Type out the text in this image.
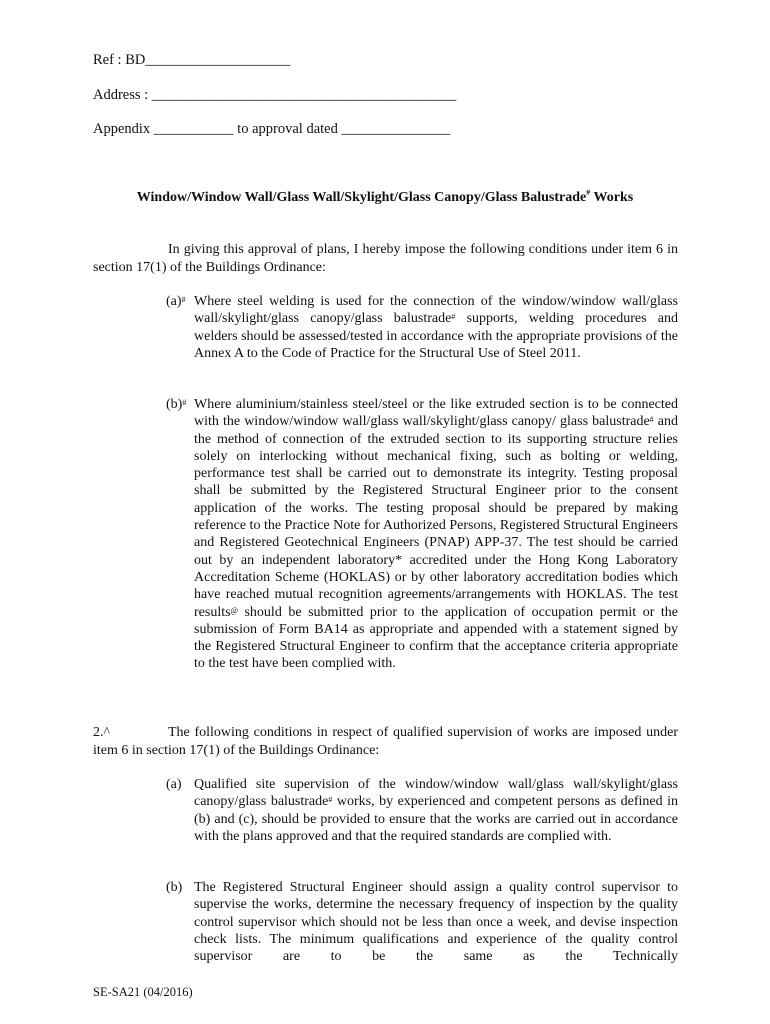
Ref : BD____________________
Address : __________________________________________
Appendix ___________ to approval dated _______________
Window/Window Wall/Glass Wall/Skylight/Glass Canopy/Glass Balustrade# Works
In giving this approval of plans, I hereby impose the following conditions under item 6 in section 17(1) of the Buildings Ordinance:
(a)# Where steel welding is used for the connection of the window/window wall/glass wall/skylight/glass canopy/glass balustrade# supports, welding procedures and welders should be assessed/tested in accordance with the appropriate provisions of the Annex A to the Code of Practice for the Structural Use of Steel 2011.
(b)# Where aluminium/stainless steel/steel or the like extruded section is to be connected with the window/window wall/glass wall/skylight/glass canopy/ glass balustrade# and the method of connection of the extruded section to its supporting structure relies solely on interlocking without mechanical fixing, such as bolting or welding, performance test shall be carried out to demonstrate its integrity. Testing proposal shall be submitted by the Registered Structural Engineer prior to the consent application of the works. The testing proposal should be prepared by making reference to the Practice Note for Authorized Persons, Registered Structural Engineers and Registered Geotechnical Engineers (PNAP) APP-37. The test should be carried out by an independent laboratory* accredited under the Hong Kong Laboratory Accreditation Scheme (HOKLAS) or by other laboratory accreditation bodies which have reached mutual recognition agreements/arrangements with HOKLAS. The test results@ should be submitted prior to the application of occupation permit or the submission of Form BA14 as appropriate and appended with a statement signed by the Registered Structural Engineer to confirm that the acceptance criteria appropriate to the test have been complied with.
2.^	The following conditions in respect of qualified supervision of works are imposed under item 6 in section 17(1) of the Buildings Ordinance:
(a) Qualified site supervision of the window/window wall/glass wall/skylight/glass canopy/glass balustrade# works, by experienced and competent persons as defined in (b) and (c), should be provided to ensure that the works are carried out in accordance with the plans approved and that the required standards are complied with.
(b) The Registered Structural Engineer should assign a quality control supervisor to supervise the works, determine the necessary frequency of inspection by the quality control supervisor which should not be less than once a week, and devise inspection check lists. The minimum qualifications and experience of the quality control supervisor are to be the same as the Technically
SE-SA21 (04/2016)
